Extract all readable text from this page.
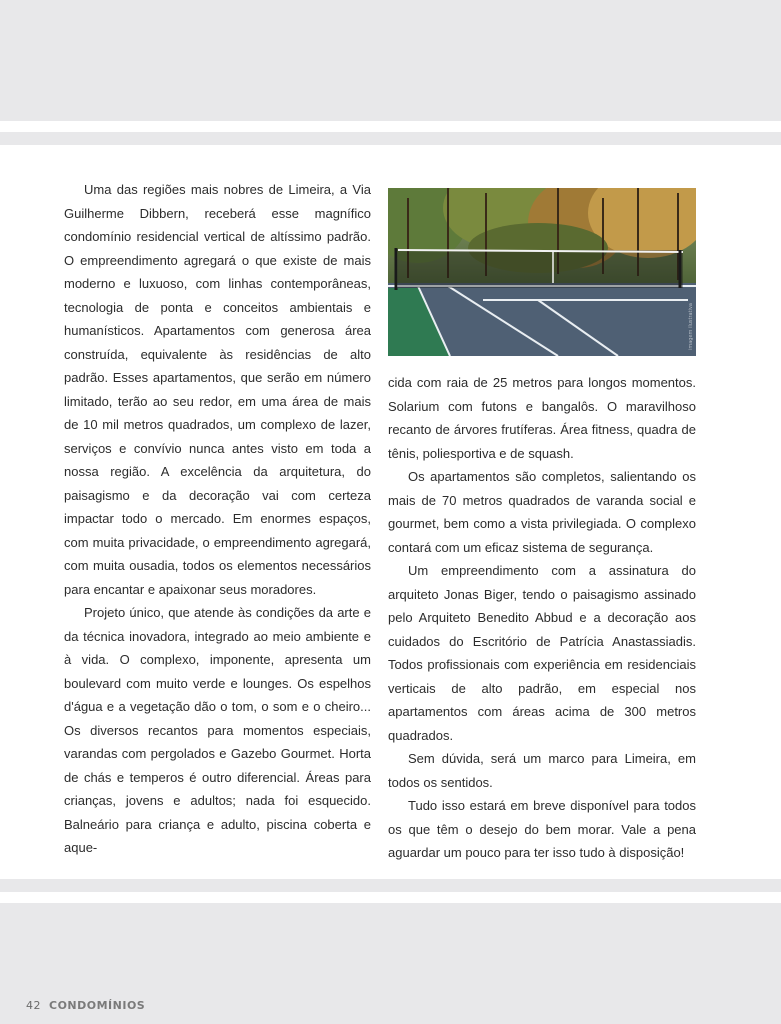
Uma das regiões mais nobres de Limeira, a Via Guilherme Dibbern, receberá esse magnífico condomínio residencial vertical de altíssimo padrão. O empreendimento agregará o que existe de mais moderno e luxuoso, com linhas contemporâneas, tecnologia de ponta e conceitos ambientais e humanísticos. Apartamentos com generosa área construída, equivalente às residências de alto padrão. Esses apartamentos, que serão em número limitado, terão ao seu redor, em uma área de mais de 10 mil metros quadrados, um complexo de lazer, serviços e convívio nunca antes visto em toda a nossa região. A excelência da arquitetura, do paisagismo e da decoração vai com certeza impactar todo o mercado. Em enormes espaços, com muita privacidade, o empreendimento agregará, com muita ousadia, todos os elementos necessários para encantar e apaixonar seus moradores.

Projeto único, que atende às condições da arte e da técnica inovadora, integrado ao meio ambiente e à vida. O complexo, imponente, apresenta um boulevard com muito verde e lounges. Os espelhos d'água e a vegetação dão o tom, o som e o cheiro... Os diversos recantos para momentos especiais, varandas com pergolados e Gazebo Gourmet. Horta de chás e temperos é outro diferencial. Áreas para crianças, jovens e adultos; nada foi esquecido. Balneário para criança e adulto, piscina coberta e aque-

imagem ilustrativa

cida com raia de 25 metros para longos momentos. Solarium com futons e bangalôs. O maravilhoso recanto de árvores frutíferas. Área fitness, quadra de tênis, poliesportiva e de squash.

Os apartamentos são completos, salientando os mais de 70 metros quadrados de varanda social e gourmet, bem como a vista privilegiada. O complexo contará com um eficaz sistema de segurança.

Um empreendimento com a assinatura do arquiteto Jonas Biger, tendo o paisagismo assinado pelo Arquiteto Benedito Abbud e a decoração aos cuidados do Escritório de Patrícia Anastassiadis. Todos profissionais com experiência em residenciais verticais de alto padrão, em especial nos apartamentos com áreas acima de 300 metros quadrados.

Sem dúvida, será um marco para Limeira, em todos os sentidos.

Tudo isso estará em breve disponível para todos os que têm o desejo do bem morar. Vale a pena aguardar um pouco para ter isso tudo à disposição!

42 CONDOMÍNIOS
